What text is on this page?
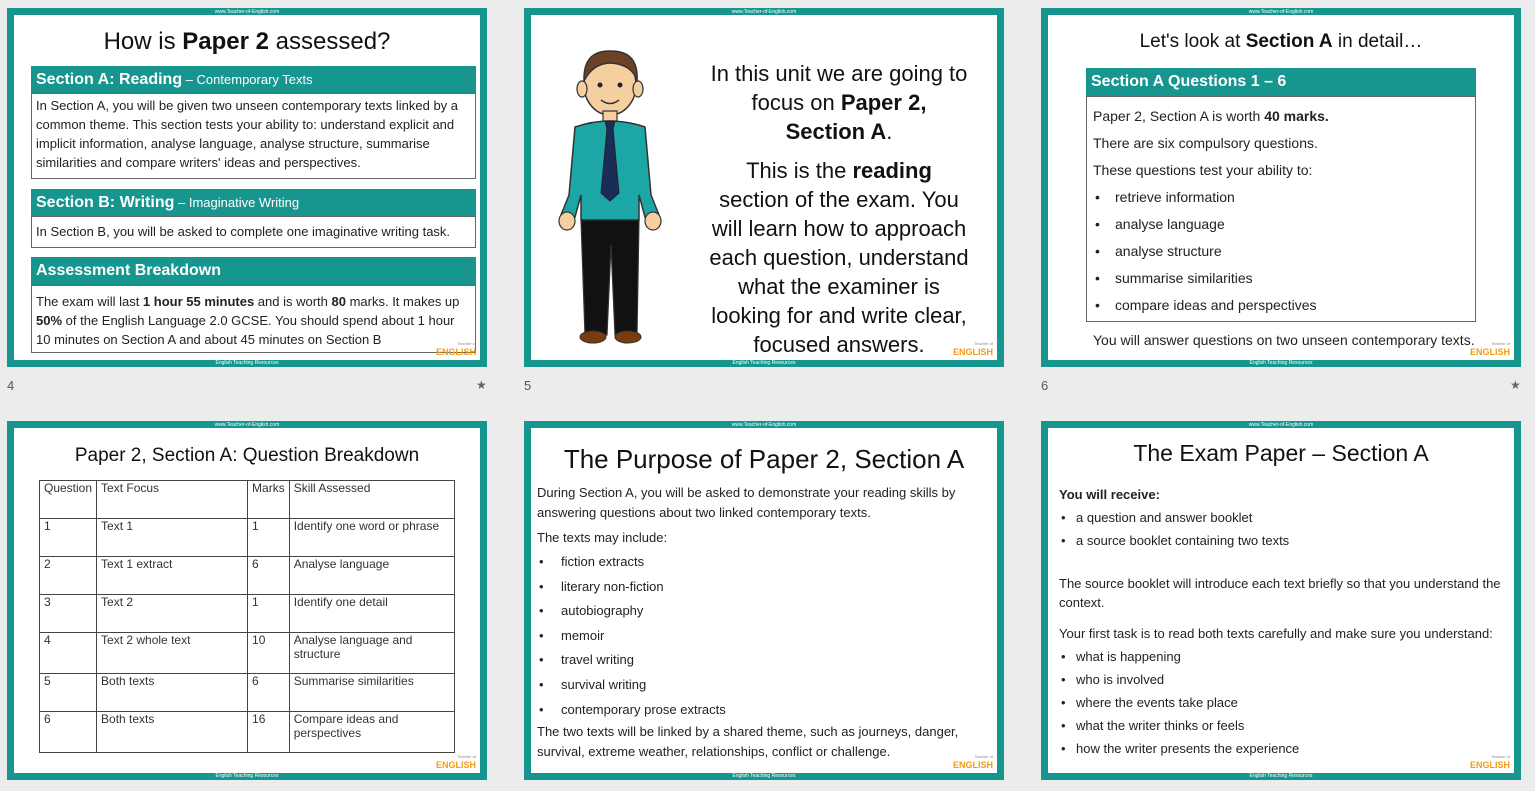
www.Teacher-of-English.com
How is Paper 2 assessed?
Section A: Reading – Contemporary Texts
In Section A, you will be given two unseen contemporary texts linked by a common theme. This section tests your ability to: understand explicit and implicit information, analyse language, analyse structure, summarise similarities and compare writers' ideas and perspectives.
Section B: Writing – Imaginative Writing
In Section B, you will be asked to complete one imaginative writing task.
Assessment Breakdown
The exam will last 1 hour 55 minutes and is worth 80 marks. It makes up 50% of the English Language 2.0 GCSE. You should spend about 1 hour 10 minutes on Section A and about 45 minutes on Section B	Teacher of
ENGLISH
English Teaching Resources
4	★
www.Teacher-of-English.com
In this unit we are going to focus on Paper 2, Section A.
This is the reading section of the exam. You will learn how to approach each question, understand what the examiner is looking for and write clear, focused answers.	Teacher of
ENGLISH
English Teaching Resources
5
www.Teacher-of-English.com
Let's look at Section A in detail…
Section A Questions 1 – 6
Paper 2, Section A is worth 40 marks.
There are six compulsory questions.
These questions test your ability to:
• retrieve information
• analyse language
• analyse structure
• summarise similarities
• compare ideas and perspectives
You will answer questions on two unseen contemporary texts.	Teacher of
ENGLISH
English Teaching Resources
6	★
www.Teacher-of-English.com
Paper 2, Section A: Question Breakdown
Question	Text Focus	Marks	Skill Assessed
1	Text 1	1	Identify one word or phrase
2	Text 1 extract	6	Analyse language
3	Text 2	1	Identify one detail
4	Text 2 whole text	10	Analyse language and structure
5	Both texts	6	Summarise similarities
6	Both texts	16	Compare ideas and perspectives
Teacher of
ENGLISH
English Teaching Resources
www.Teacher-of-English.com
The Purpose of Paper 2, Section A
During Section A, you will be asked to demonstrate your reading skills by answering questions about two linked contemporary texts.
The texts may include:
• fiction extracts
• literary non-fiction
• autobiography
• memoir
• travel writing
• survival writing
• contemporary prose extracts
The two texts will be linked by a shared theme, such as journeys, danger, survival, extreme weather, relationships, conflict or challenge.	Teacher of
ENGLISH
English Teaching Resources
www.Teacher-of-English.com
The Exam Paper – Section A
You will receive:
• a question and answer booklet
• a source booklet containing two texts
The source booklet will introduce each text briefly so that you understand the context.
Your first task is to read both texts carefully and make sure you understand:
• what is happening
• who is involved
• where the events take place
• what the writer thinks or feels
• how the writer presents the experience
Teacher of
ENGLISH
English Teaching Resources
